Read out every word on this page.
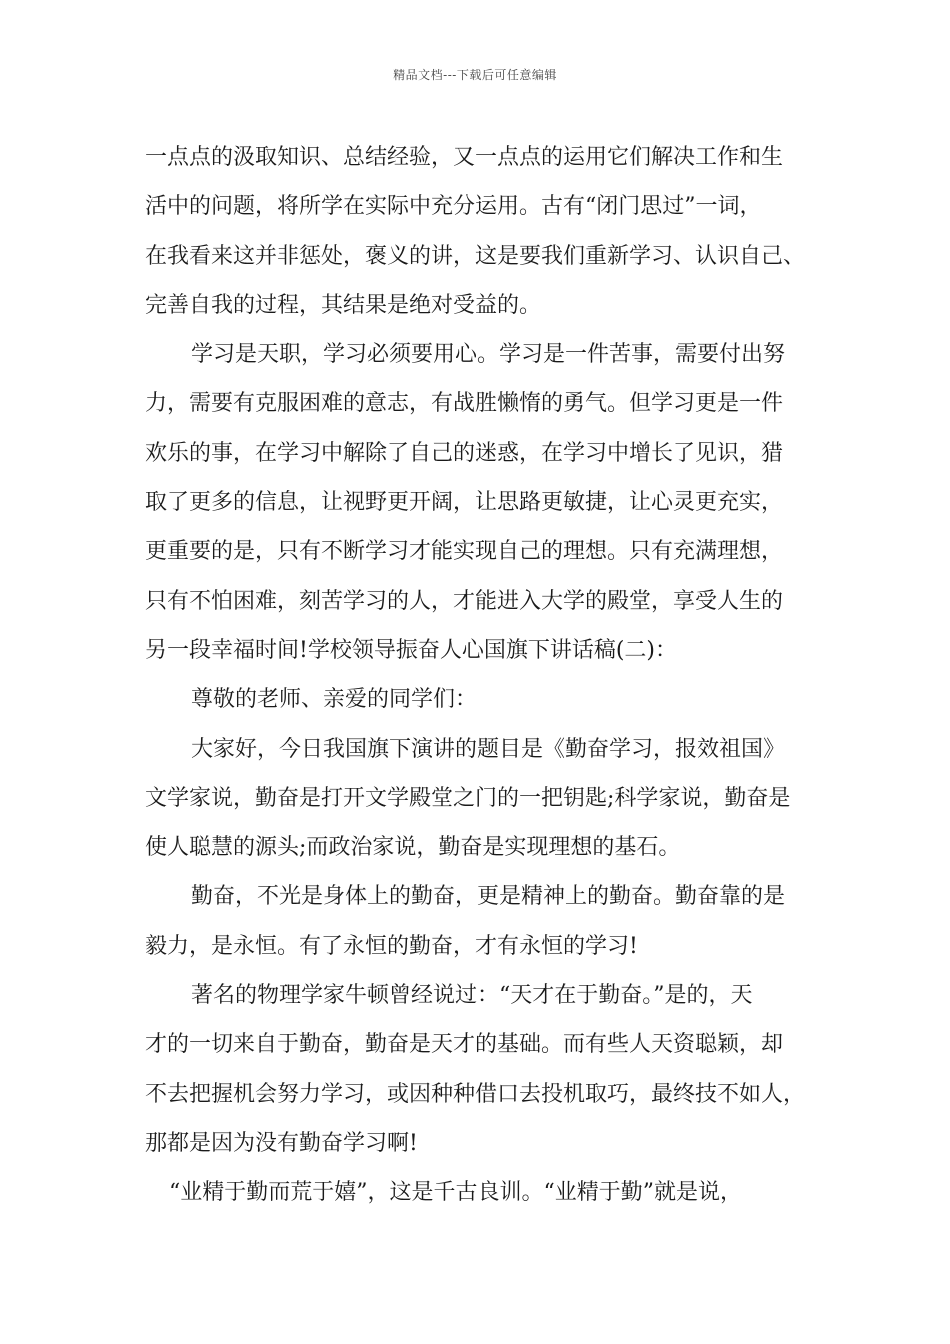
精品文档---下载后可任意编辑
一点点的汲取知识、总结经验，又一点点的运用它们解决工作和生
活中的问题，将所学在实际中充分运用。古有“闭门思过”一词，
在我看来这并非惩处，褒义的讲，这是要我们重新学习、认识自己、
完善自我的过程，其结果是绝对受益的。
学习是天职，学习必须要用心。学习是一件苦事，需要付出努
力，需要有克服困难的意志，有战胜懒惰的勇气。但学习更是一件
欢乐的事，在学习中解除了自己的迷惑，在学习中增长了见识，猎
取了更多的信息，让视野更开阔，让思路更敏捷，让心灵更充实，
更重要的是，只有不断学习才能实现自己的理想。只有充满理想，
只有不怕困难，刻苦学习的人，才能进入大学的殿堂，享受人生的
另一段幸福时间!学校领导振奋人心国旗下讲话稿(二)：
尊敬的老师、亲爱的同学们：
大家好，今日我国旗下演讲的题目是《勤奋学习，报效祖国》
文学家说，勤奋是打开文学殿堂之门的一把钥匙;科学家说，勤奋是
使人聪慧的源头;而政治家说，勤奋是实现理想的基石。
勤奋，不光是身体上的勤奋，更是精神上的勤奋。勤奋靠的是
毅力，是永恒。有了永恒的勤奋，才有永恒的学习!
著名的物理学家牛顿曾经说过：“天才在于勤奋。”是的，天
才的一切来自于勤奋，勤奋是天才的基础。而有些人天资聪颖，却
不去把握机会努力学习，或因种种借口去投机取巧，最终技不如人，
那都是因为没有勤奋学习啊!
“业精于勤而荒于嬉”，这是千古良训。“业精于勤”就是说，
